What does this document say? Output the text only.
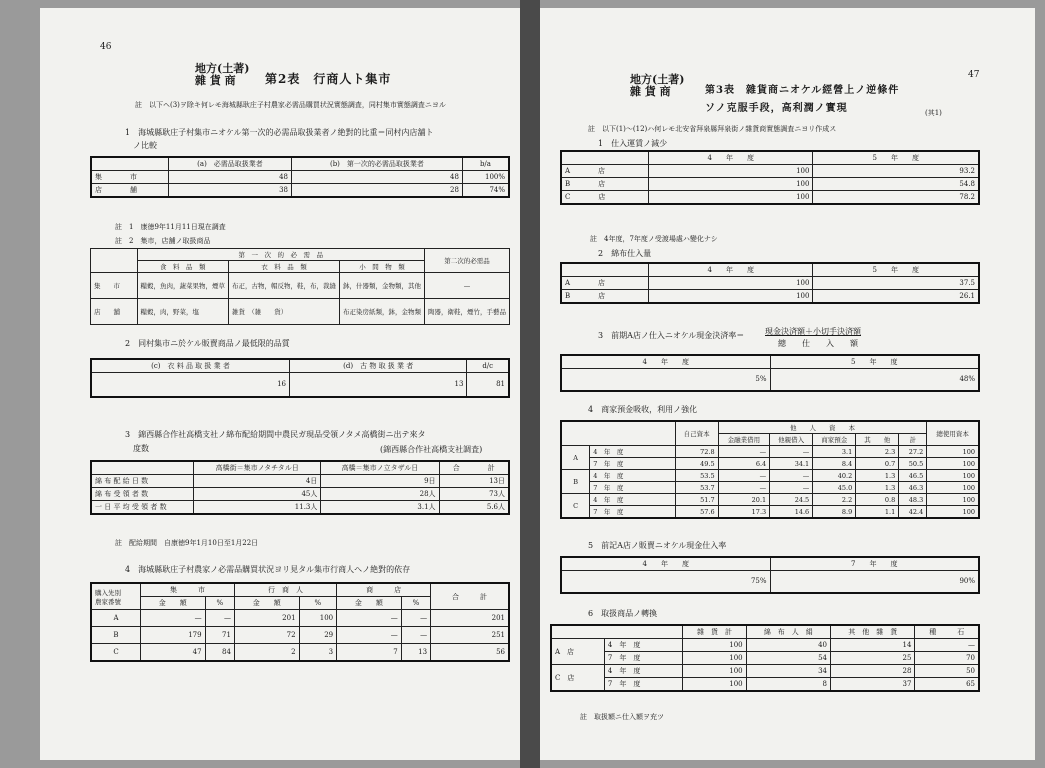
46
地方(土著)
雜 貨 商	第2表　行商人ト集市
註　以下ヘ(3)ヲ除キ何レモ海城縣耿庄子村農家必需品購買状況實態調査，同村集市實態調査ニヨル
1　海城縣耿庄子村集市ニオケル第一次的必需品取扱業者ノ絶對的比重＝同村内店舗ト
　ノ比較
	(a)　必需品取扱業者	(b)　第一次的必需品取扱業者	b/a
集　　　　市	48	48	100%
店　　　　舗	38	28	74%
註　1　康徳9年11月11日現在調査
註　2　集市，店舗ノ取扱商品
	第　一　次　的　必　需　品			第二次的必需品
	食　料　品　類	衣　料　品　類	小　間　物　類	
集　　市	糧穀，魚肉，蔬菜果物，煙草	布疋，古物，帽反物，鞋，布，裁縫	鉢，什器類，金物類，其他	—
店　　舗	糧穀，肉，野菜，塩	雑貨　（雑　　貨）	布疋染房紙類，鉢，金物類	陶器，衛鞋，煙竹，手藝品
2　同村集市ニ於ケル販賣商品ノ最低限的品質
(c)　衣 料 品 取 扱 業 者	(d)　古 物 取 扱 業 者	d/c
16	13	81
3　錦西縣合作社高橋支社ノ綿布配給期間中農民ガ現品受領ノタメ高橋街ニ出テ來タ
　度数	(錦西縣合作社高橋支社調査)
	高橋街＝集市ノタチタル日	高橋＝集市ノ立タザル日	合　　　　計
綿 布 配 給 日 数	4日	9日	13日
綿 布 受 領 者 数	45人	28人	73人
一 日 平 均 受 領 者 数	11.3人	3.1人	5.6人
註　配給期間　自康徳9年1月10日至1月22日
4　海城縣耿庄子村農家ノ必需品購買状況ヨリ見タル集市行商人ヘノ絶對的依存
購入先別
農家番號	集　　　市		行　商　人		商　　　店		合　　　計
	金　　額	%	金　　額	%	金　　額	%	
A	—	—	201	100	—	—	201
B	179	71	72	29	—	—	251
C	47	84	2	3	7	13	56
47
地方(土著)
雜 貨 商	第3表　雜貨商ニオケル經營上ノ逆條件
ソノ克服手段，高利潤ノ實現	(其1)
註　以下(1)〜(12)ハ何レモ北安省拜泉縣拜泉街ノ雜貨商實態調査ニヨリ作成ス
1　仕入運賃ノ減少
	4　　年　　度	5　　年　　度
A　　　　店	100	93.2
B　　　　店	100	54.8
C　　　　店	100	78.2
註　4年度，7年度ノ受渡場處ハ變化ナシ
2　綿布仕入量
	4　　年　　度	5　　年　　度
A　　　　店	100	37.5
B　　　　店	100	26.1
3　前期A店ノ仕入ニオケル現金決済率＝	現金決済額＋小切手決済額
總　　仕　　入　　額
4　　年　　度	5　　年　　度
5%	48%
4　商家預金吸收，利用ノ強化
		自己資本	他　　人　　資　　本					總使用資本
			金融業借用	他親借入	商家預金	其　　他	計	
A	4　年　度	72.8	—	—	3.1	2.3	27.2	100
	7　年　度	49.5	6.4	34.1	8.4	0.7	50.5	100
B	4　年　度	53.5	—	—	40.2	1.3	46.5	100
	7　年　度	53.7	—	—	45.0	1.3	46.3	100
C	4　年　度	51.7	20.1	24.5	2.2	0.8	48.3	100
	7　年　度	57.6	17.3	14.6	8.9	1.1	42.4	100
5　前記A店ノ販賣ニオケル現金仕入率
4　　年　　度	7　　年　　度
75%	90%
6　取扱商品ノ轉換
		雜　貨　計	綿　布　人　絹	其　他　雜　貨	種　　　石
A　店	4　年　度	100	40	14	—
	7　年　度	100	54	25	70
C　店	4　年　度	100	34	28	50
	7　年　度	100	8	37	65
註　取扱額ニ仕入額ヲ充ツ
